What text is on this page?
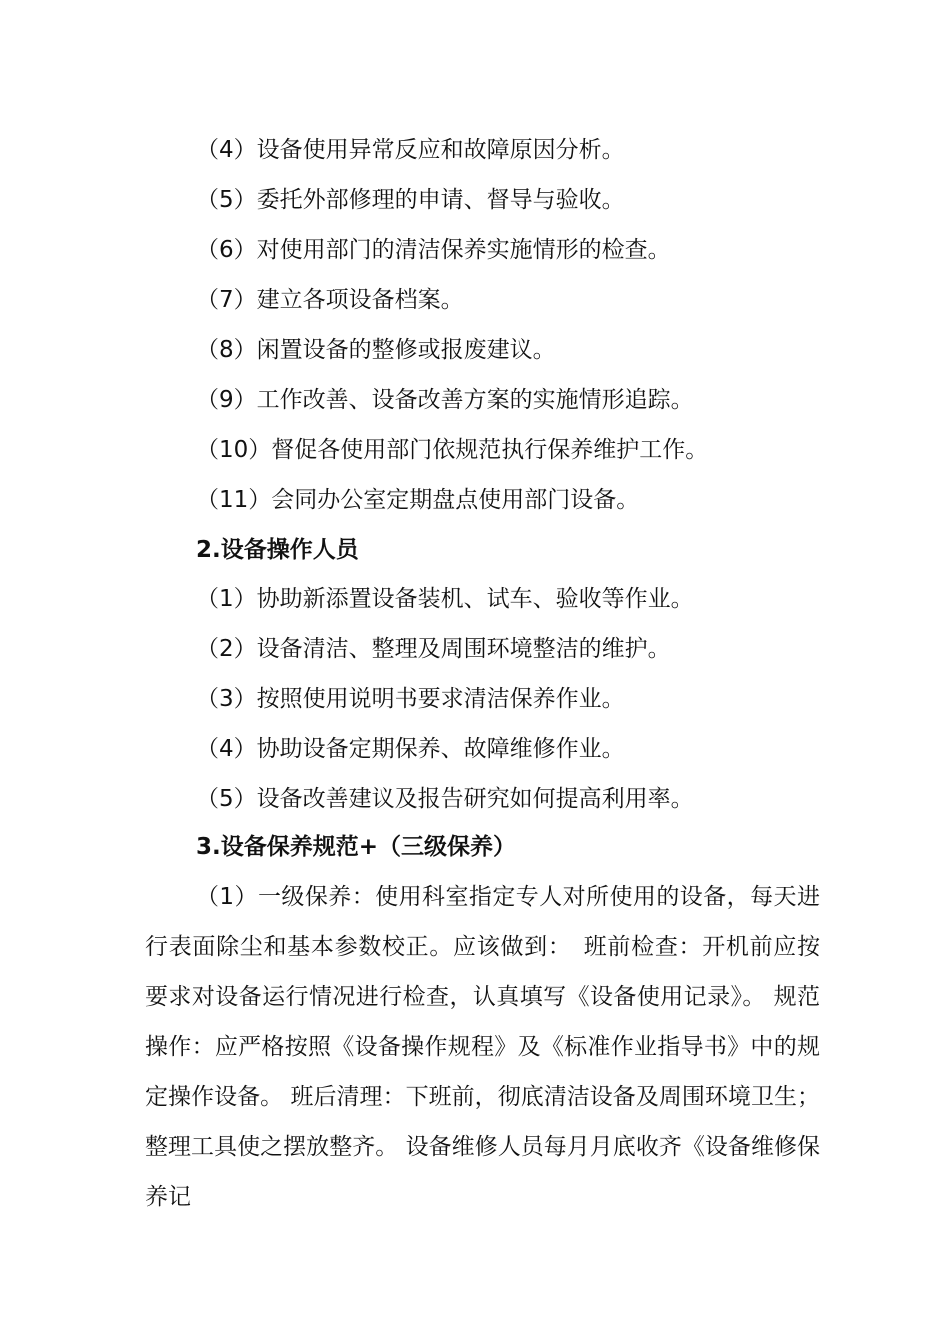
（4）设备使用异常反应和故障原因分析。
（5）委托外部修理的申请、督导与验收。
（6）对使用部门的清洁保养实施情形的检查。
（7）建立各项设备档案。
（8）闲置设备的整修或报废建议。
（9）工作改善、设备改善方案的实施情形追踪。
（10）督促各使用部门依规范执行保养维护工作。
（11）会同办公室定期盘点使用部门设备。
2.设备操作人员
（1）协助新添置设备装机、试车、验收等作业。
（2）设备清洁、整理及周围环境整洁的维护。
（3）按照使用说明书要求清洁保养作业。
（4）协助设备定期保养、故障维修作业。
（5）设备改善建议及报告研究如何提高利用率。
3.设备保养规范+（三级保养）

（1）一级保养：使用科室指定专人对所使用的设备，每天进行表面除尘和基本参数校正。应该做到：　班前检查：开机前应按要求对设备运行情况进行检查，认真填写《设备使用记录》。 规范操作：应严格按照《设备操作规程》及《标准作业指导书》中的规定操作设备。 班后清理：下班前，彻底清洁设备及周围环境卫生；整理工具使之摆放整齐。 设备维修人员每月月底收齐《设备维修保养记
